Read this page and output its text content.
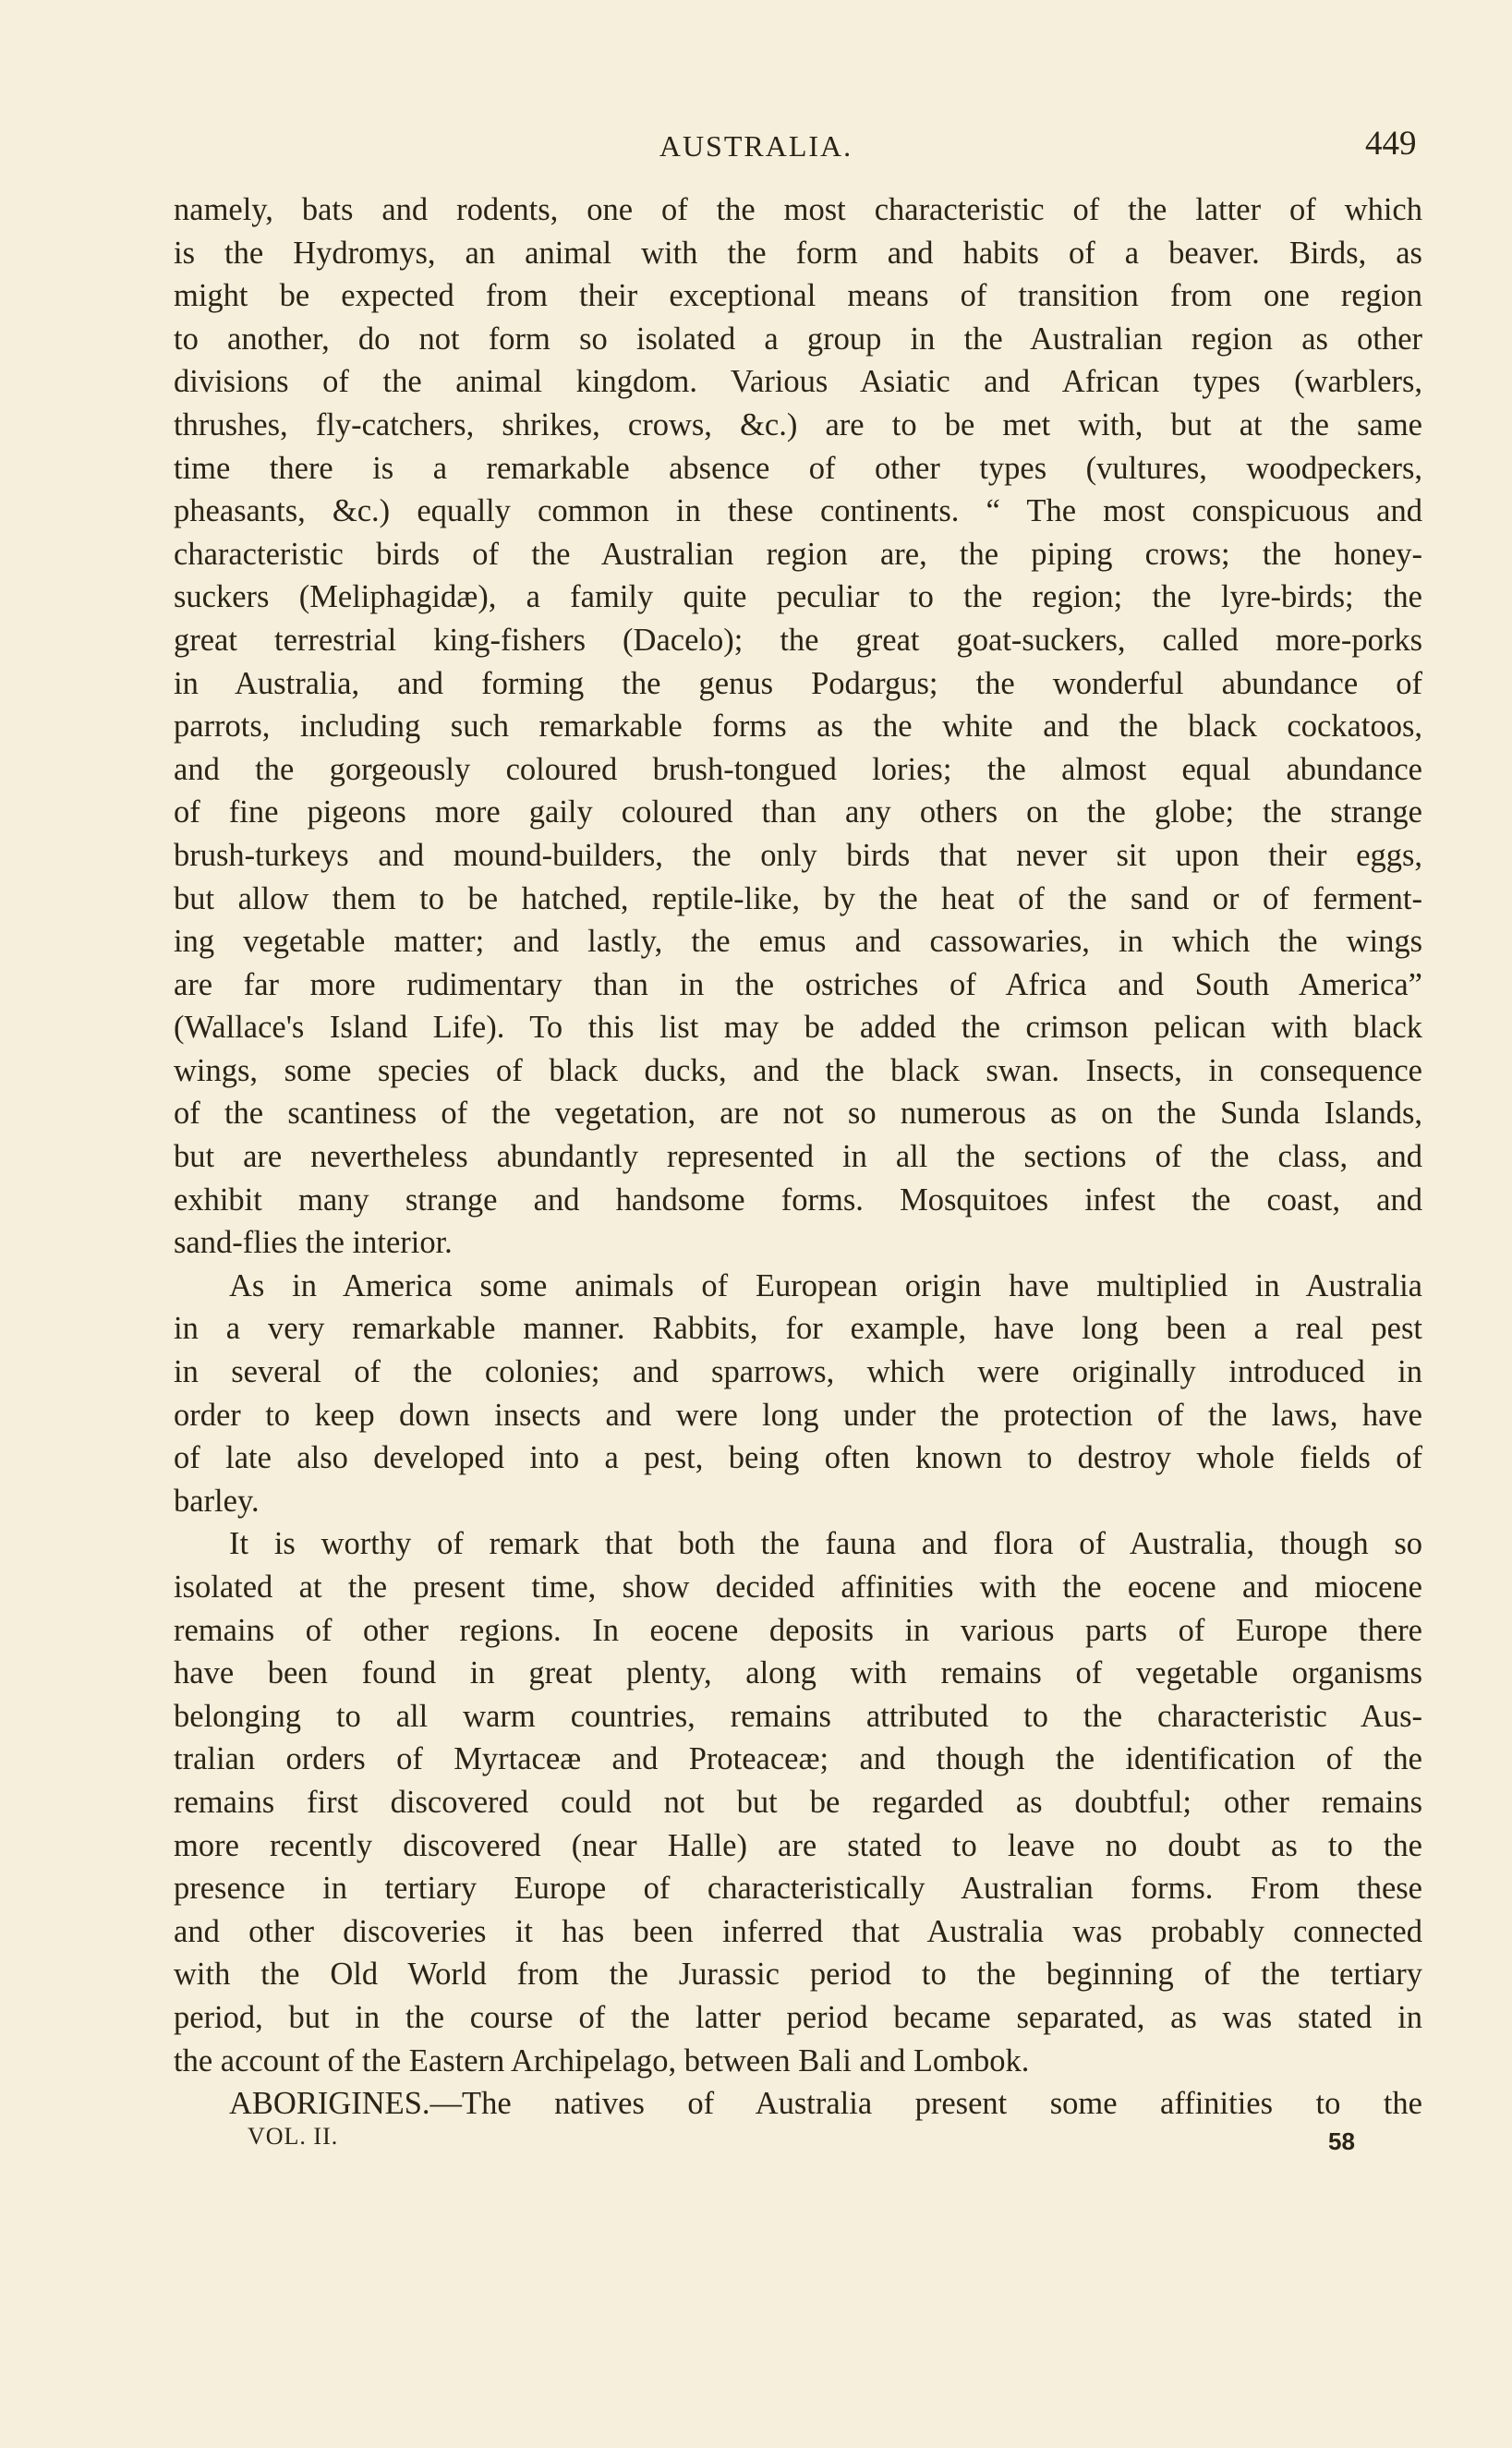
AUSTRALIA.	449
namely, bats and rodents, one of the most characteristic of the latter of which
is the Hydromys, an animal with the form and habits of a beaver. Birds, as
might be expected from their exceptional means of transition from one region
to another, do not form so isolated a group in the Australian region as other
divisions of the animal kingdom. Various Asiatic and African types (warblers,
thrushes, fly-catchers, shrikes, crows, &c.) are to be met with, but at the same
time there is a remarkable absence of other types (vultures, woodpeckers,
pheasants, &c.) equally common in these continents. “ The most conspicuous and
characteristic birds of the Australian region are, the piping crows; the honey-
suckers (Meliphagidæ), a family quite peculiar to the region; the lyre-birds; the
great terrestrial king-fishers (Dacelo); the great goat-suckers, called more-porks
in Australia, and forming the genus Podargus; the wonderful abundance of
parrots, including such remarkable forms as the white and the black cockatoos,
and the gorgeously coloured brush-tongued lories; the almost equal abundance
of fine pigeons more gaily coloured than any others on the globe; the strange
brush-turkeys and mound-builders, the only birds that never sit upon their eggs,
but allow them to be hatched, reptile-like, by the heat of the sand or of ferment-
ing vegetable matter; and lastly, the emus and cassowaries, in which the wings
are far more rudimentary than in the ostriches of Africa and South America”
(Wallace's Island Life). To this list may be added the crimson pelican with black
wings, some species of black ducks, and the black swan. Insects, in consequence
of the scantiness of the vegetation, are not so numerous as on the Sunda Islands,
but are nevertheless abundantly represented in all the sections of the class, and
exhibit many strange and handsome forms. Mosquitoes infest the coast, and
sand-flies the interior.
As in America some animals of European origin have multiplied in Australia
in a very remarkable manner. Rabbits, for example, have long been a real pest
in several of the colonies; and sparrows, which were originally introduced in
order to keep down insects and were long under the protection of the laws, have
of late also developed into a pest, being often known to destroy whole fields of
barley.
It is worthy of remark that both the fauna and flora of Australia, though so
isolated at the present time, show decided affinities with the eocene and miocene
remains of other regions. In eocene deposits in various parts of Europe there
have been found in great plenty, along with remains of vegetable organisms
belonging to all warm countries, remains attributed to the characteristic Aus-
tralian orders of Myrtaceæ and Proteaceæ; and though the identification of the
remains first discovered could not but be regarded as doubtful; other remains
more recently discovered (near Halle) are stated to leave no doubt as to the
presence in tertiary Europe of characteristically Australian forms. From these
and other discoveries it has been inferred that Australia was probably connected
with the Old World from the Jurassic period to the beginning of the tertiary
period, but in the course of the latter period became separated, as was stated in
the account of the Eastern Archipelago, between Bali and Lombok.
ABORIGINES.—The natives of Australia present some affinities to the
VOL. II.	58
